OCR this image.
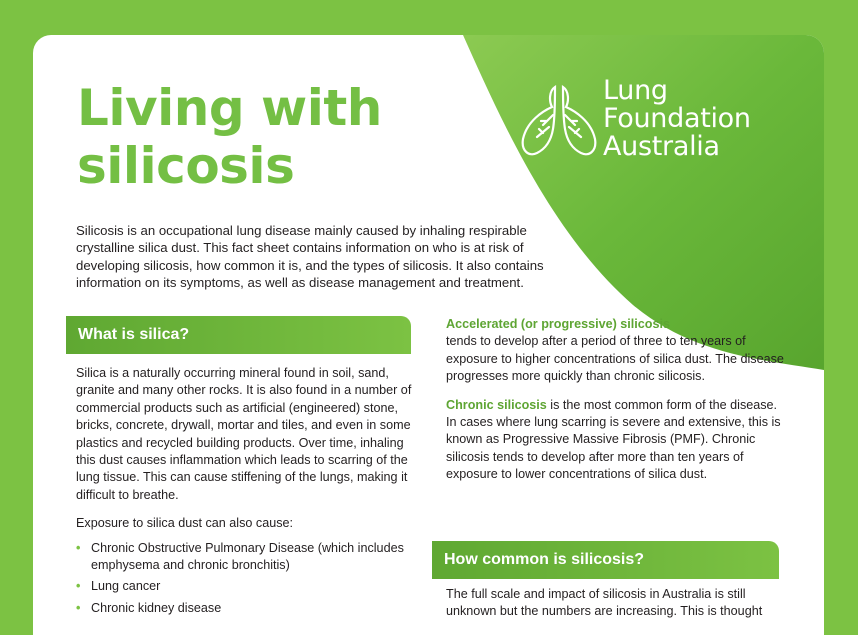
Living with
silicosis
Lung
Foundation
Australia

Silicosis is an occupational lung disease mainly caused by inhaling respirable crystalline silica dust. This fact sheet contains information on who is at risk of developing silicosis, how common it is, and the types of silicosis. It also contains information on its symptoms, as well as disease management and treatment.

What is silica?

Silica is a naturally occurring mineral found in soil, sand, granite and many other rocks. It is also found in a number of commercial products such as artificial (engineered) stone, bricks, concrete, drywall, mortar and tiles, and even in some plastics and recycled building products. Over time, inhaling this dust causes inflammation which leads to scarring of the lung tissue. This can cause stiffening of the lungs, making it difficult to breathe.

Exposure to silica dust can also cause:

• Chronic Obstructive Pulmonary Disease (which includes emphysema and chronic bronchitis)
• Lung cancer
• Chronic kidney disease

Accelerated (or progressive) silicosis
tends to develop after a period of three to ten years of exposure to higher concentrations of silica dust. The disease progresses more quickly than chronic silicosis.

Chronic silicosis is the most common form of the disease. In cases where lung scarring is severe and extensive, this is known as Progressive Massive Fibrosis (PMF). Chronic silicosis tends to develop after more than ten years of exposure to lower concentrations of silica dust.

How common is silicosis?
The full scale and impact of silicosis in Australia is still unknown but the numbers are increasing. This is thought
